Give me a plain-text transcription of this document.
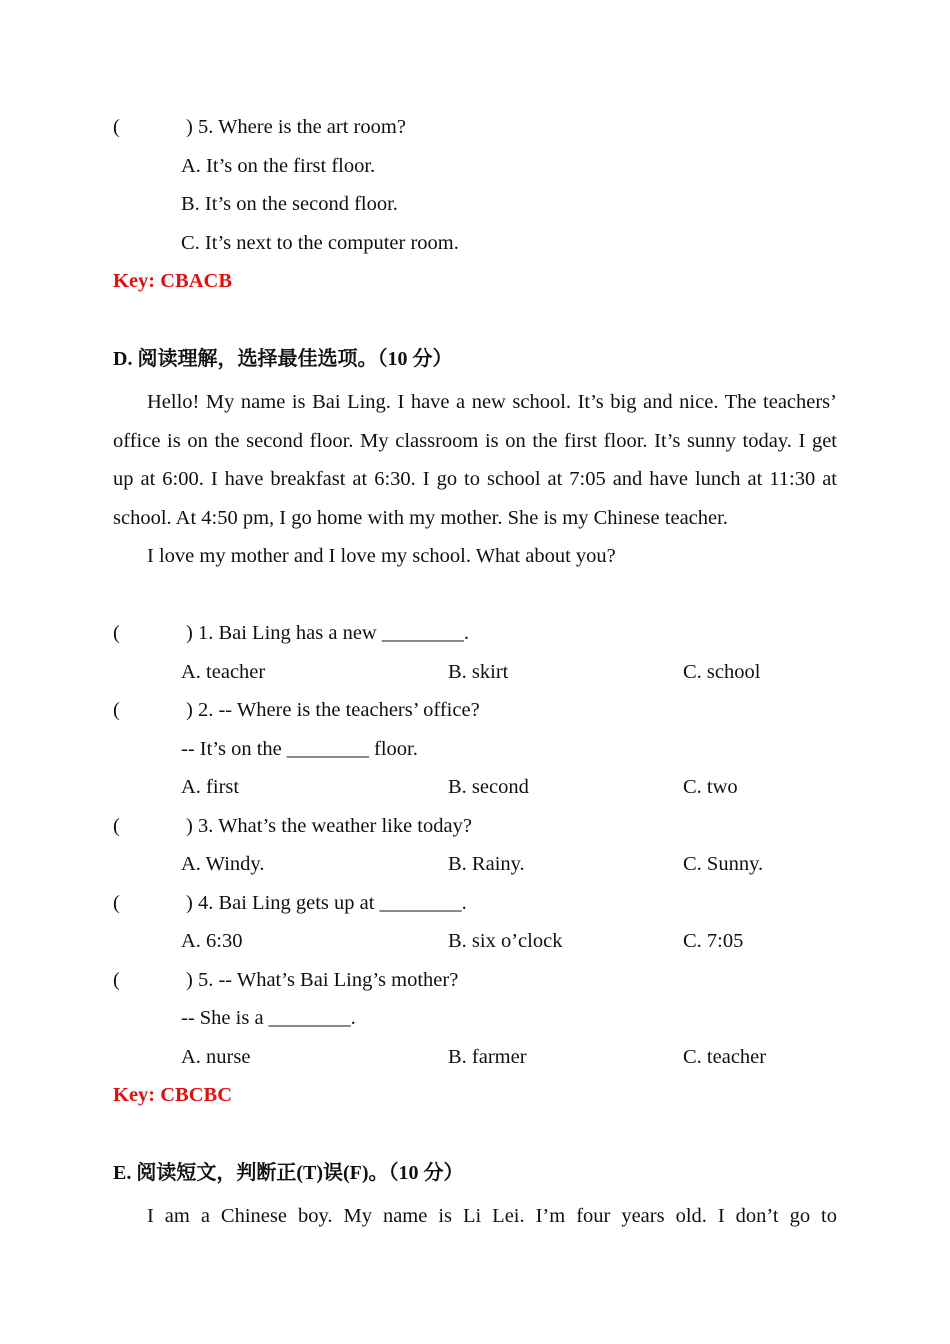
(	) 5. Where is the art room?
A. It’s on the first floor.
B. It’s on the second floor.
C. It’s next to the computer room.
Key: CBACB
D. 阅读理解，选择最佳选项。（10 分）

Hello! My name is Bai Ling. I have a new school. It’s big and nice. The teachers’ office is on the second floor. My classroom is on the first floor. It’s sunny today. I get up at 6:00. I have breakfast at 6:30. I go to school at 7:05 and have lunch at 11:30 at school. At 4:50 pm, I go home with my mother. She is my Chinese teacher.

I love my mother and I love my school. What about you?

(	) 1. Bai Ling has a new ________.
A. teacher	B. skirt	C. school
(	) 2. -- Where is the teachers’ office?
-- It’s on the ________ floor.
A. first	B. second	C. two
(	) 3. What’s the weather like today?
A. Windy.	B. Rainy.	C. Sunny.
(	) 4. Bai Ling gets up at ________.
A. 6:30	B. six o’clock	C. 7:05
(	) 5. -- What’s Bai Ling’s mother?
-- She is a ________.
A. nurse	B. farmer	C. teacher
Key: CBCBC
E. 阅读短文，判断正(T)误(F)。（10 分）

I am a Chinese boy. My name is Li Lei. I’m four years old. I don’t go to
